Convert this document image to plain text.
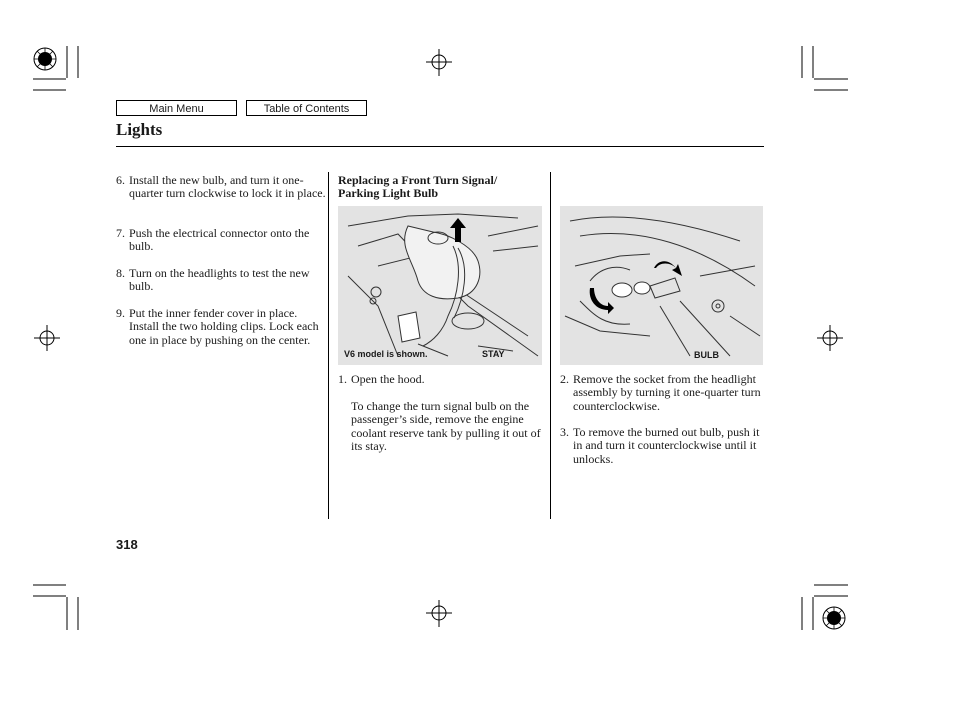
Main Menu	Table of Contents
Lights
6. Install the new bulb, and turn it one-quarter turn clockwise to lock it in place.
7. Push the electrical connector onto the bulb.
8. Turn on the headlights to test the new bulb.
9. Put the inner fender cover in place. Install the two holding clips. Lock each one in place by pushing on the center.
Replacing a Front Turn Signal/
Parking Light Bulb
V6 model is shown.	STAY
1. Open the hood.
To change the turn signal bulb on the passenger’s side, remove the engine coolant reserve tank by pulling it out of its stay.
BULB
2. Remove the socket from the headlight assembly by turning it one-quarter turn counterclockwise.
3. To remove the burned out bulb, push it in and turn it counterclockwise until it unlocks.
318
